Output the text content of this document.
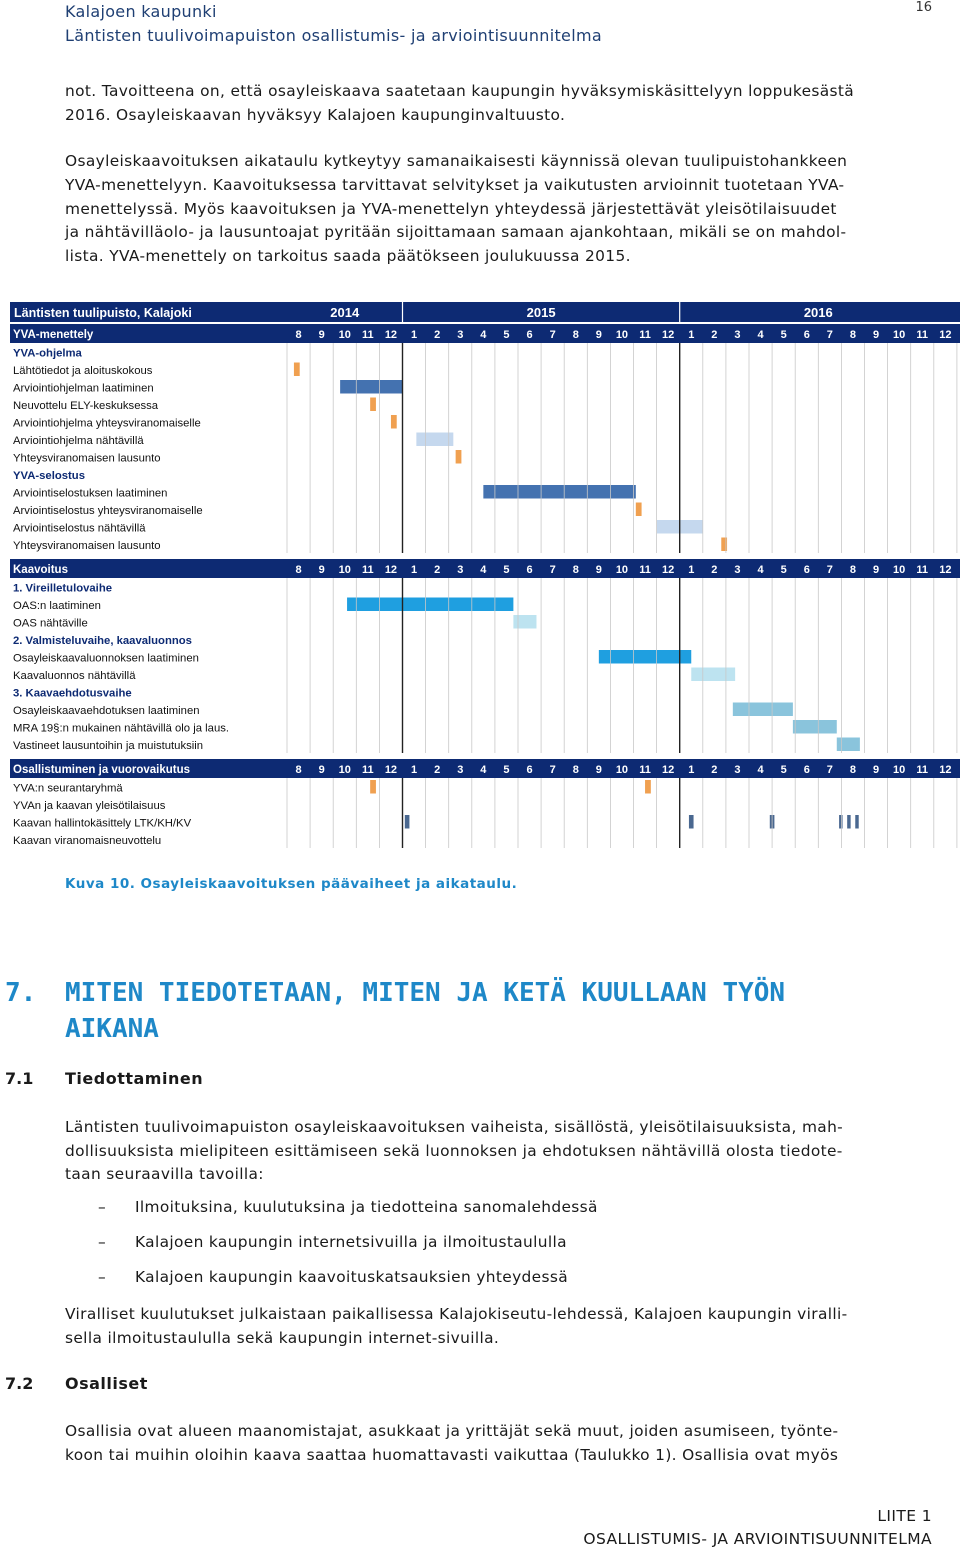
Kalajoen kaupunki
Läntisten tuulivoimapuiston osallistumis- ja arviointisuunnitelma
16

not. Tavoitteena on, että osayleiskaava saatetaan kaupungin hyväksymiskäsittelyyn loppukesästä

2016. Osayleiskaavan hyväksyy Kalajoen kaupunginvaltuusto.

Osayleiskaavoituksen aikataulu kytkeytyy samanaikaisesti käynnissä olevan tuulipuistohankkeen

YVA-menettelyyn. Kaavoituksessa tarvittavat selvitykset ja vaikutusten arvioinnit tuotetaan YVA-

menettelyssä. Myös kaavoituksen ja YVA-menettelyn yhteydessä järjestettävät yleisötilaisuudet

ja nähtävilläolo- ja lausuntoajat pyritään sijoittamaan samaan ajankohtaan, mikäli se on mahdol-

lista. YVA-menettely on tarkoitus saada päätökseen joulukuussa 2015.

Läntisten tuulipuisto, Kalajoki	2014	2015	2016
YVA-menettely	8 9 10 11 12 1 2 3 4 5 6 7 8 9 10 11 12 1 2 3 4 5 6 7 8 9 10 11 12
YVA-ohjelma
Lähtötiedot ja aloituskokous
Arviointiohjelman laatiminen
Neuvottelu ELY-keskuksessa
Arviointiohjelma yhteysviranomaiselle
Arviointiohjelma nähtävillä
Yhteysviranomaisen lausunto
YVA-selostus
Arviointiselostuksen laatiminen
Arviointiselostus yhteysviranomaiselle
Arviointiselostus nähtävillä
Yhteysviranomaisen lausunto
Kaavoitus	8 9 10 11 12 1 2 3 4 5 6 7 8 9 10 11 12 1 2 3 4 5 6 7 8 9 10 11 12
1. Vireilletulovaihe
OAS:n laatiminen
OAS nähtäville
2. Valmisteluvaihe, kaavaluonnos
Osayleiskaavaluonnoksen laatiminen
Kaavaluonnos nähtävillä
3. Kaavaehdotusvaihe
Osayleiskaavaehdotuksen laatiminen
MRA 19§:n mukainen nähtävillä olo ja laus.
Vastineet lausuntoihin ja muistutuksiin
Osallistuminen ja vuorovaikutus	8 9 10 11 12 1 2 3 4 5 6 7 8 9 10 11 12 1 2 3 4 5 6 7 8 9 10 11 12
YVA:n seurantaryhmä
YVAn ja kaavan yleisötilaisuus
Kaavan hallintokäsittely LTK/KH/KV
Kaavan viranomaisneuvottelu
Kuva 10. Osayleiskaavoituksen päävaiheet ja aikataulu.
7. MITEN TIEDOTETAAN, MITEN JA KETÄ KUULLAAN TYÖN
AIKANA
7.1 Tiedottaminen

Läntisten tuulivoimapuiston osayleiskaavoituksen vaiheista, sisällöstä, yleisötilaisuuksista, mah-

dollisuuksista mielipiteen esittämiseen sekä luonnoksen ja ehdotuksen nähtävillä olosta tiedote-

taan seuraavilla tavoilla:

– Ilmoituksina, kuulutuksina ja tiedotteina sanomalehdessä
– Kalajoen kaupungin internetsivuilla ja ilmoitustaululla
– Kalajoen kaupungin kaavoituskatsauksien yhteydessä

Viralliset kuulutukset julkaistaan paikallisessa Kalajokiseutu-lehdessä, Kalajoen kaupungin viralli-

sella ilmoitustaululla sekä kaupungin internet-sivuilla.

7.2 Osalliset

Osallisia ovat alueen maanomistajat, asukkaat ja yrittäjät sekä muut, joiden asumiseen, työnte-

koon tai muihin oloihin kaava saattaa huomattavasti vaikuttaa (Taulukko 1). Osallisia ovat myös

LIITE 1
OSALLISTUMIS- JA ARVIOINTISUUNNITELMA
